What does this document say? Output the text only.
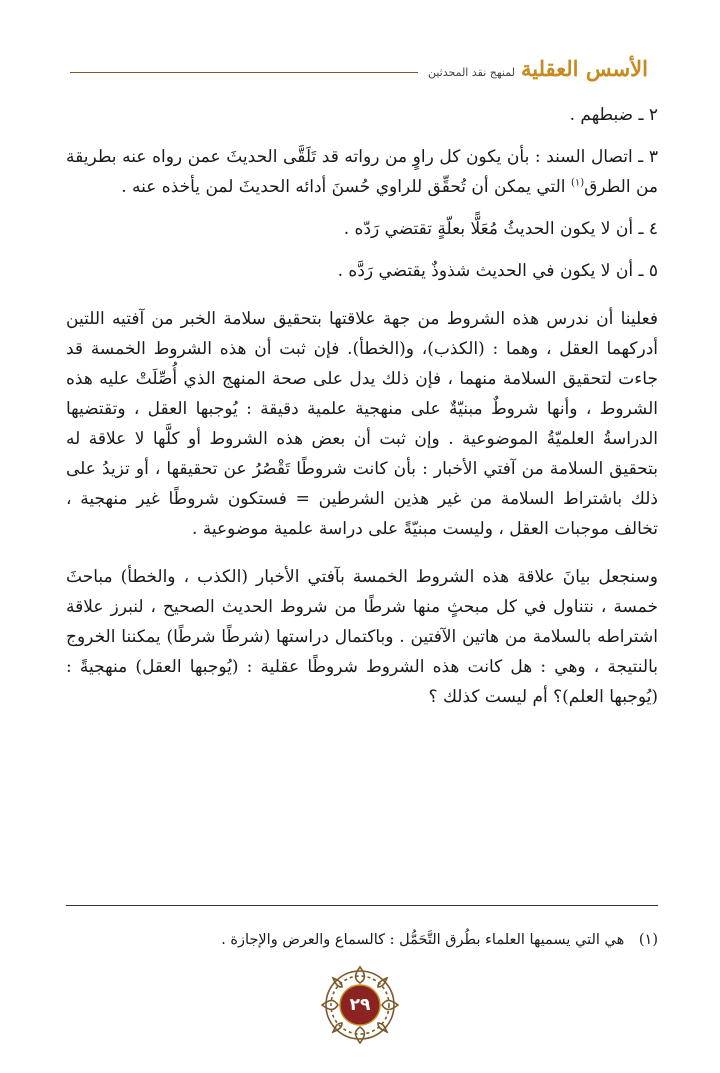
الأسس العقلية
لمنهج نقد المحدثين

٢ ـ ضبطهم .

٣ ـ اتصال السند : بأن يكون كل راوٍ من رواته قد تَلَقَّى الحديثَ عمن رواه عنه بطريقة من الطرق$^{(١)}$ التي يمكن أن تُحقِّق للراوي حُسنَ أدائه الحديثَ لمن يأخذه عنه .

٤ ـ أن لا يكون الحديثُ مُعَلًّا بعلّةٍ تقتضي رَدّه .

٥ ـ أن لا يكون في الحديث شذوذٌ يقتضي رَدَّه .

فعلينا أن ندرس هذه الشروط من جهة علاقتها بتحقيق سلامة الخبر من آفتيه اللتين أدركهما العقل ، وهما : (الكذب)، و(الخطأ). فإن ثبت أن هذه الشروط الخمسة قد جاءت لتحقيق السلامة منهما ، فإن ذلك يدل على صحة المنهج الذي أُصِّلَتْ عليه هذه الشروط ، وأنها شروطٌ مبنيّةٌ على منهجية علمية دقيقة : يُوجبها العقل ، وتقتضيها الدراسةُ العلميّةُ الموضوعية . وإن ثبت أن بعض هذه الشروط أو كلَّها لا علاقة له بتحقيق السلامة من آفتي الأخبار : بأن كانت شروطًا تَقْصُرُ عن تحقيقها ، أو تزيدُ على ذلك باشتراط السلامة من غير هذين الشرطين = فستكون شروطًا غير منهجية ، تخالف موجبات العقل ، وليست مبنيّةً على دراسة علمية موضوعية .

وسنجعل بيانَ علاقة هذه الشروط الخمسة بآفتي الأخبار (الكذب ، والخطأ) مباحثَ خمسة ، نتناول في كل مبحثٍ منها شرطًا من شروط الحديث الصحيح ، لنبرز علاقة اشتراطه بالسلامة من هاتين الآفتين . وباكتمال دراستها (شرطًا شرطًا) يمكننا الخروج بالنتيجة ، وهي : هل كانت هذه الشروط شروطًا عقلية : (يُوجبها العقل) منهجيةً : (يُوجبها العلم)؟ أم ليست كذلك ؟

(١) هي التي يسميها العلماء بطُرق التَّحَمُّل : كالسماع والعرض والإجازة .
٢٩
